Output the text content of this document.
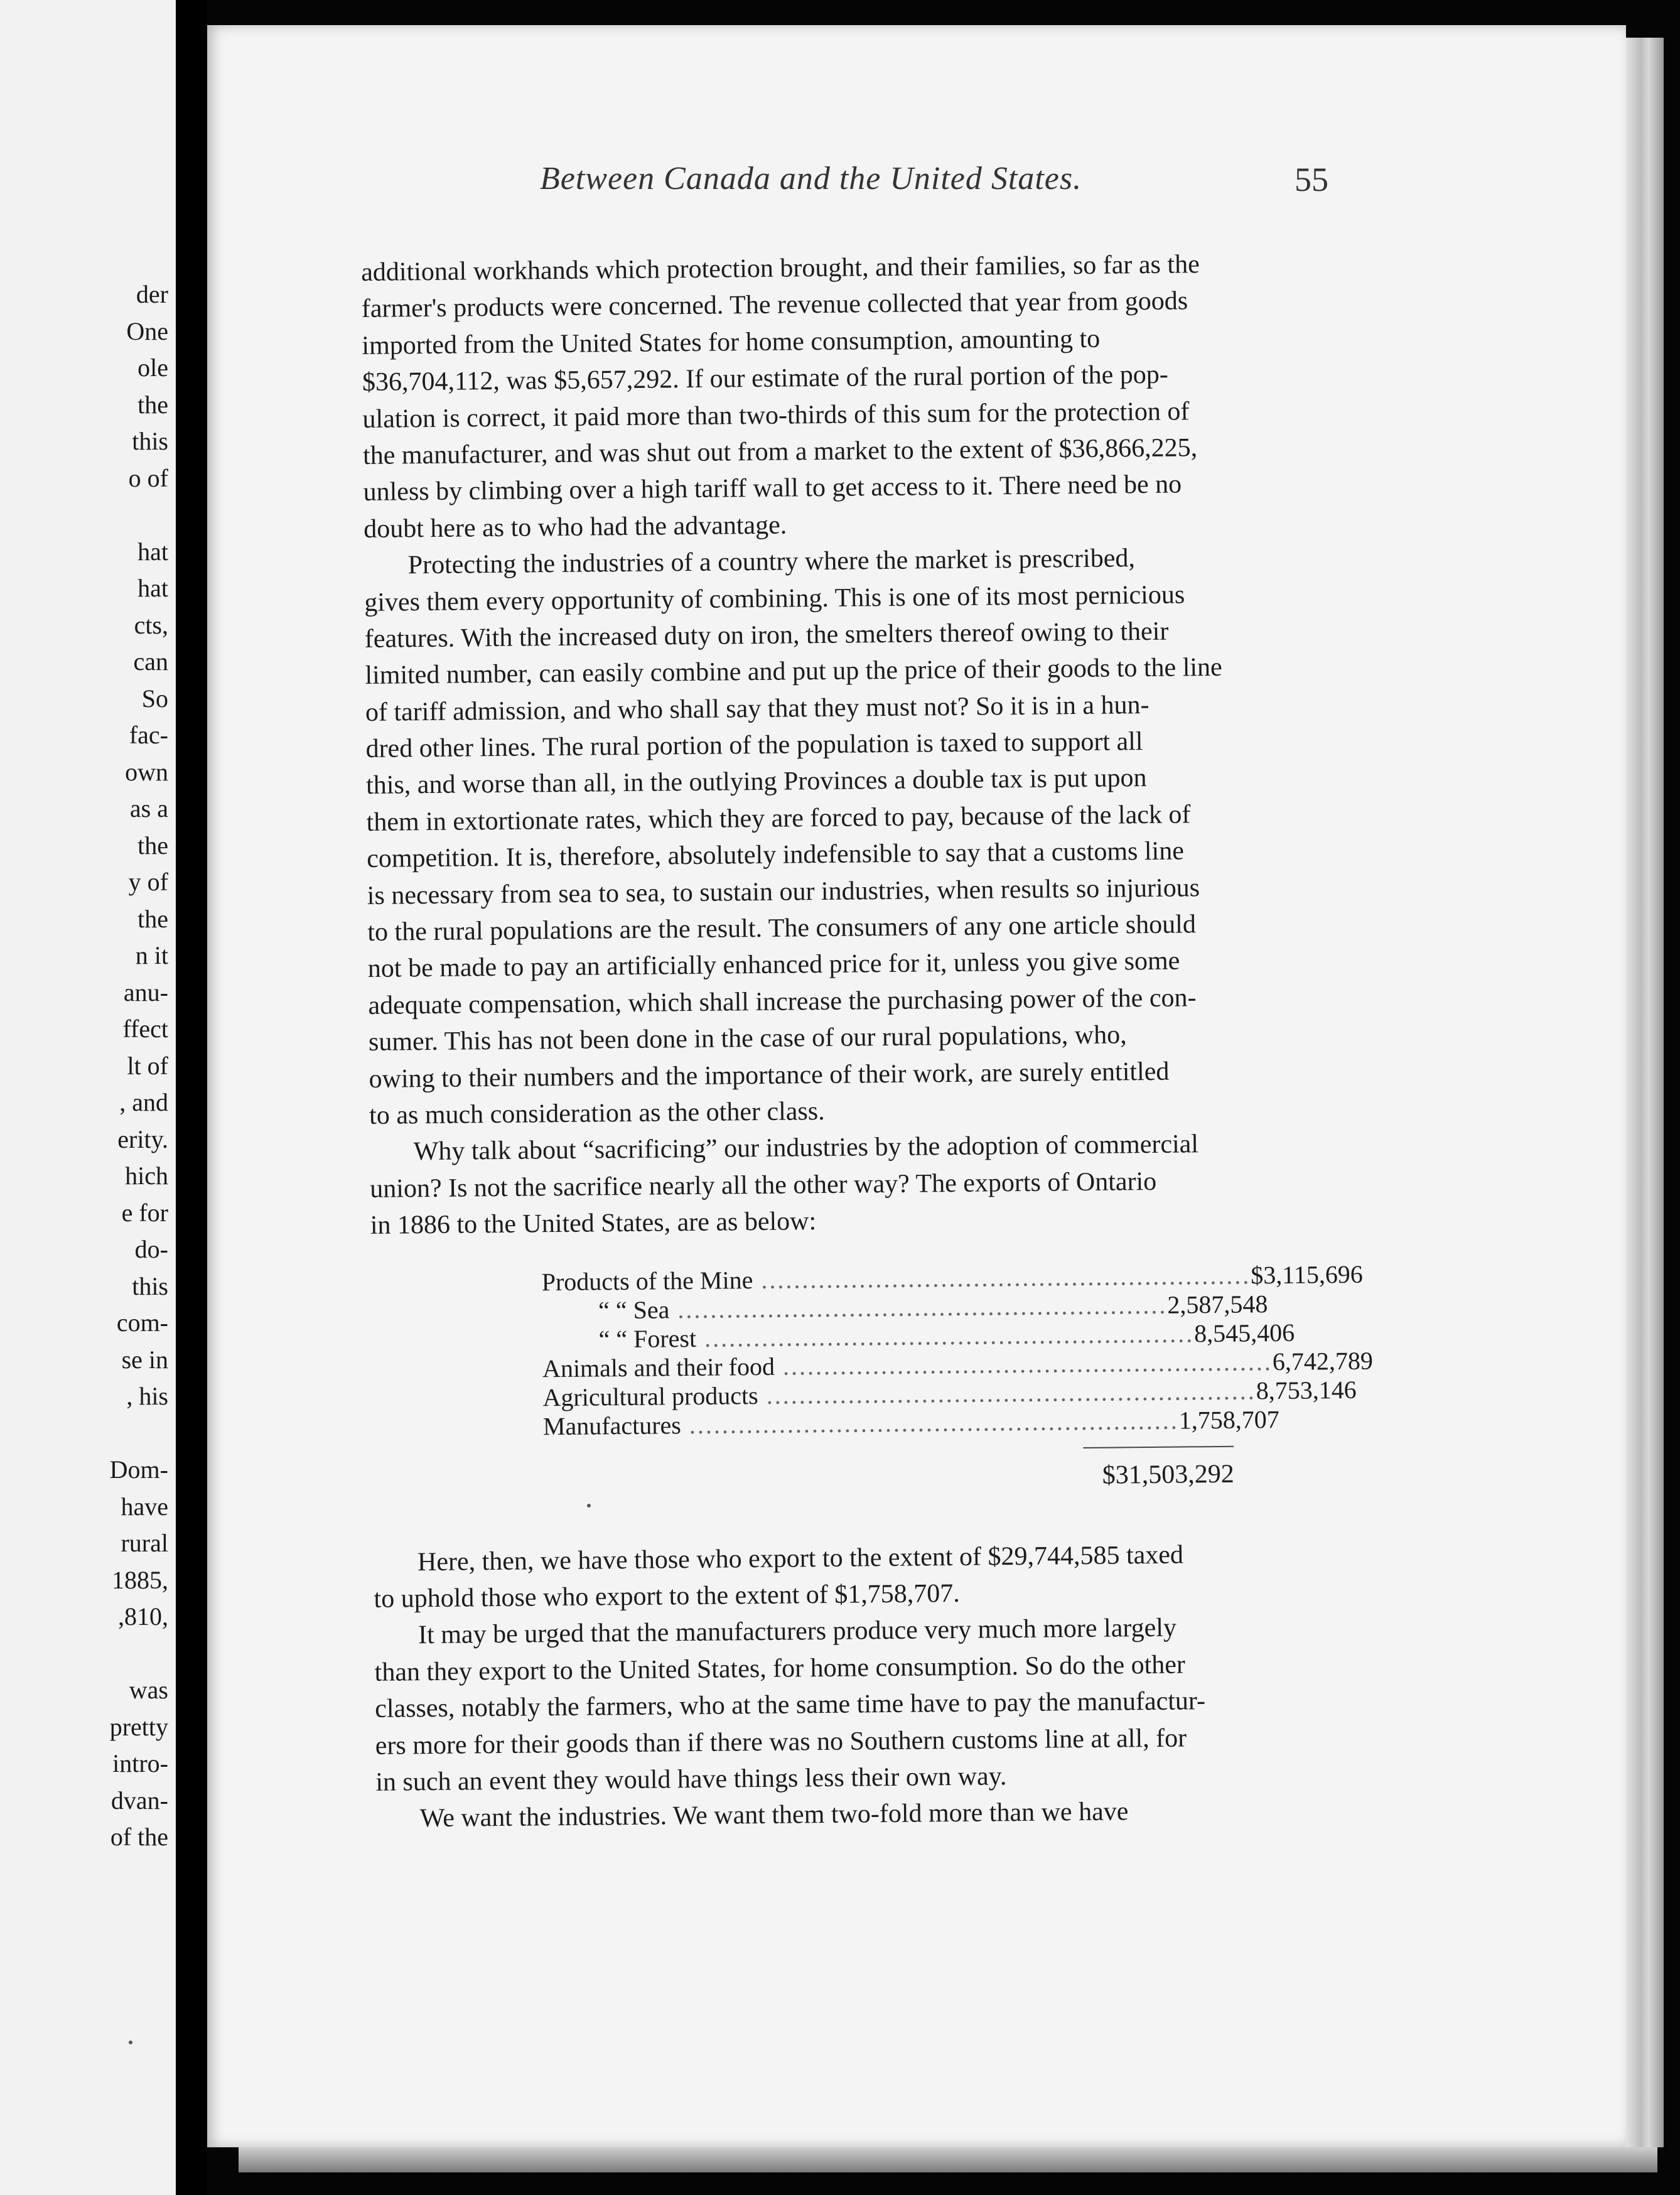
der
One
ole
the
this
o of
hat
hat
cts,
can
So
fac-
own
as a
the
y of
the
n it
anu-
ffect
lt of
, and
erity.
hich
e for
do-
this
com-
se in
, his
Dom-
have
rural
1885,
,810,
was
pretty
intro-
dvan-
of the
Between Canada and the United States.	55
additional workhands which protection brought, and their families, so far as the
farmer's products were concerned. The revenue collected that year from goods
imported from the United States for home consumption, amounting to
$36,704,112, was $5,657,292. If our estimate of the rural portion of the pop-
ulation is correct, it paid more than two-thirds of this sum for the protection of
the manufacturer, and was shut out from a market to the extent of $36,866,225,
unless by climbing over a high tariff wall to get access to it. There need be no
doubt here as to who had the advantage.
Protecting the industries of a country where the market is prescribed,
gives them every opportunity of combining. This is one of its most pernicious
features. With the increased duty on iron, the smelters thereof owing to their
limited number, can easily combine and put up the price of their goods to the line
of tariff admission, and who shall say that they must not? So it is in a hun-
dred other lines. The rural portion of the population is taxed to support all
this, and worse than all, in the outlying Provinces a double tax is put upon
them in extortionate rates, which they are forced to pay, because of the lack of
competition. It is, therefore, absolutely indefensible to say that a customs line
is necessary from sea to sea, to sustain our industries, when results so injurious
to the rural populations are the result. The consumers of any one article should
not be made to pay an artificially enhanced price for it, unless you give some
adequate compensation, which shall increase the purchasing power of the con-
sumer. This has not been done in the case of our rural populations, who,
owing to their numbers and the importance of their work, are surely entitled
to as much consideration as the other class.
Why talk about “sacrificing” our industries by the adoption of commercial
union? Is not the sacrifice nearly all the other way? The exports of Ontario
in 1886 to the United States, are as below:
Products of the Mine ............................................................ $3,115,696
“ “ Sea ............................................................ 2,587,548
“ “ Forest ............................................................ 8,545,406
Animals and their food ............................................................ 6,742,789
Agricultural products ............................................................ 8,753,146
Manufactures ............................................................ 1,758,707
$31,503,292
Here, then, we have those who export to the extent of $29,744,585 taxed
to uphold those who export to the extent of $1,758,707.
It may be urged that the manufacturers produce very much more largely
than they export to the United States, for home consumption. So do the other
classes, notably the farmers, who at the same time have to pay the manufactur-
ers more for their goods than if there was no Southern customs line at all, for
in such an event they would have things less their own way.
We want the industries. We want them two-fold more than we have
